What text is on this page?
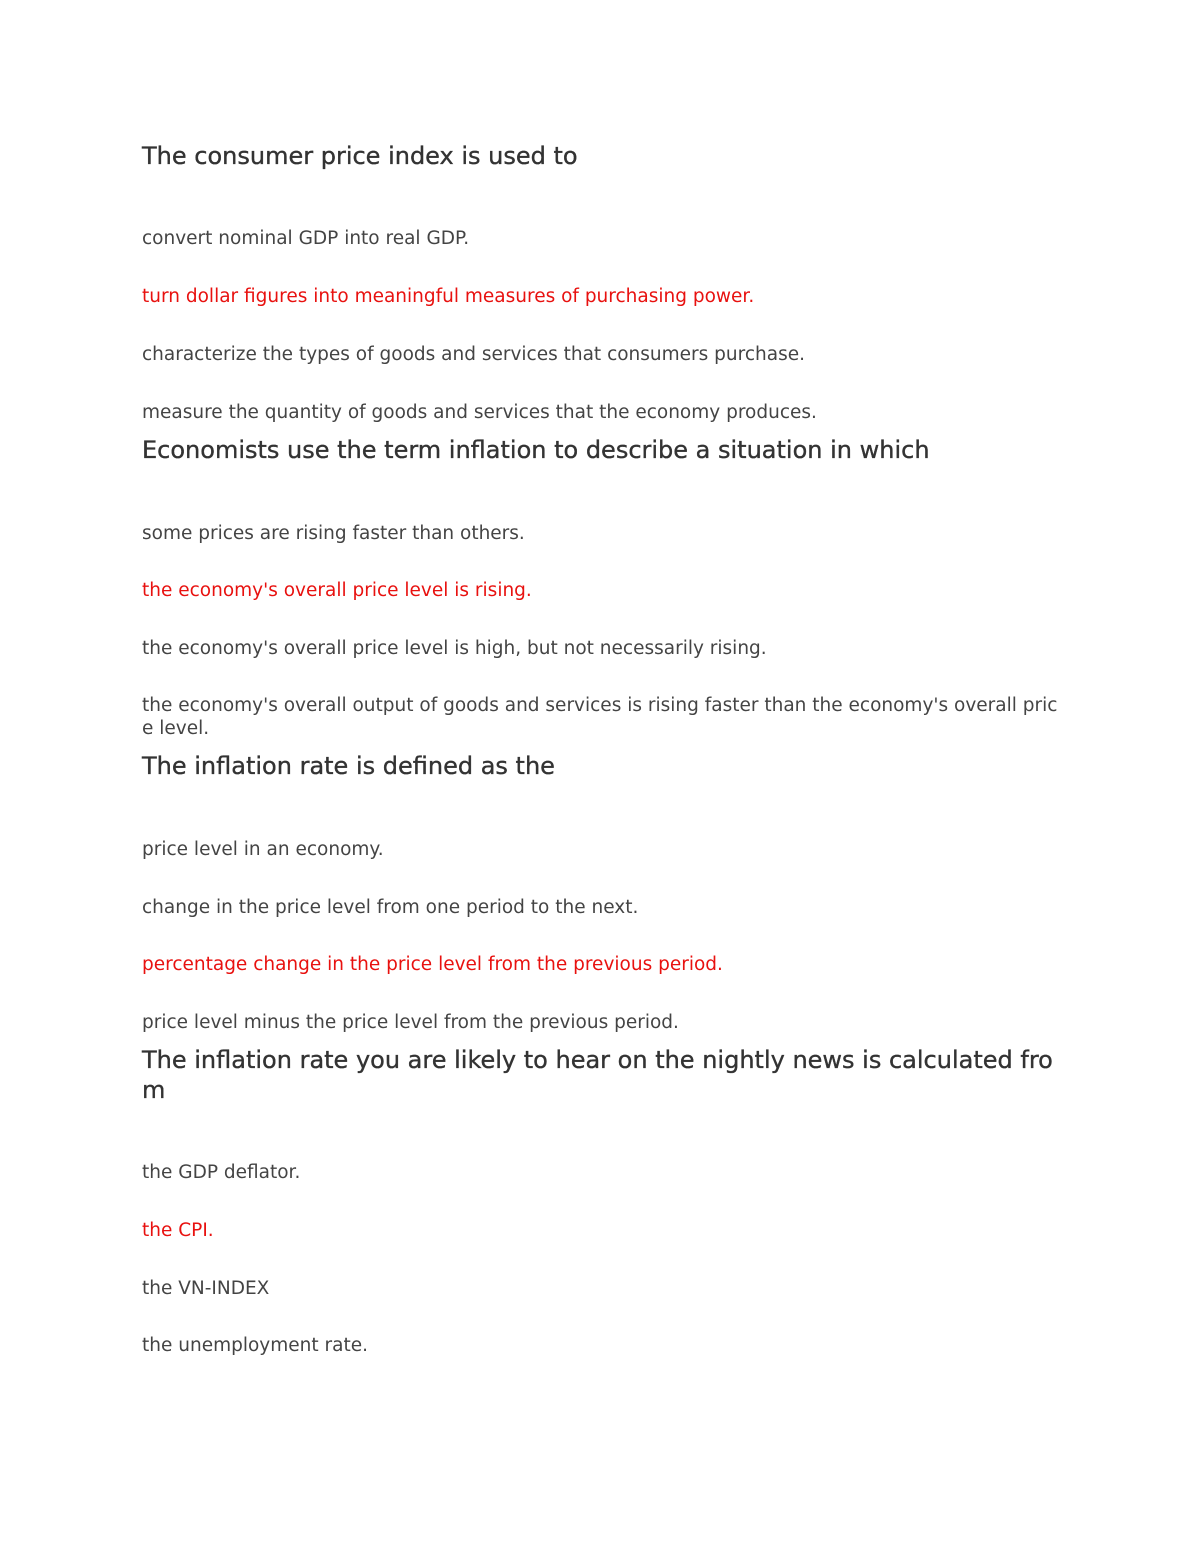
The consumer price index is used to

convert nominal GDP into real GDP.

turn dollar figures into meaningful measures of purchasing power.

characterize the types of goods and services that consumers purchase.

measure the quantity of goods and services that the economy produces.

Economists use the term inflation to describe a situation in which

some prices are rising faster than others.

the economy's overall price level is rising.

the economy's overall price level is high, but not necessarily rising.

the economy's overall output of goods and services is rising faster than the economy's overall price level.

The inflation rate is defined as the

price level in an economy.

change in the price level from one period to the next.

percentage change in the price level from the previous period.

price level minus the price level from the previous period.

The inflation rate you are likely to hear on the nightly news is calculated from

the GDP deflator.

the CPI.

the VN-INDEX

the unemployment rate.
